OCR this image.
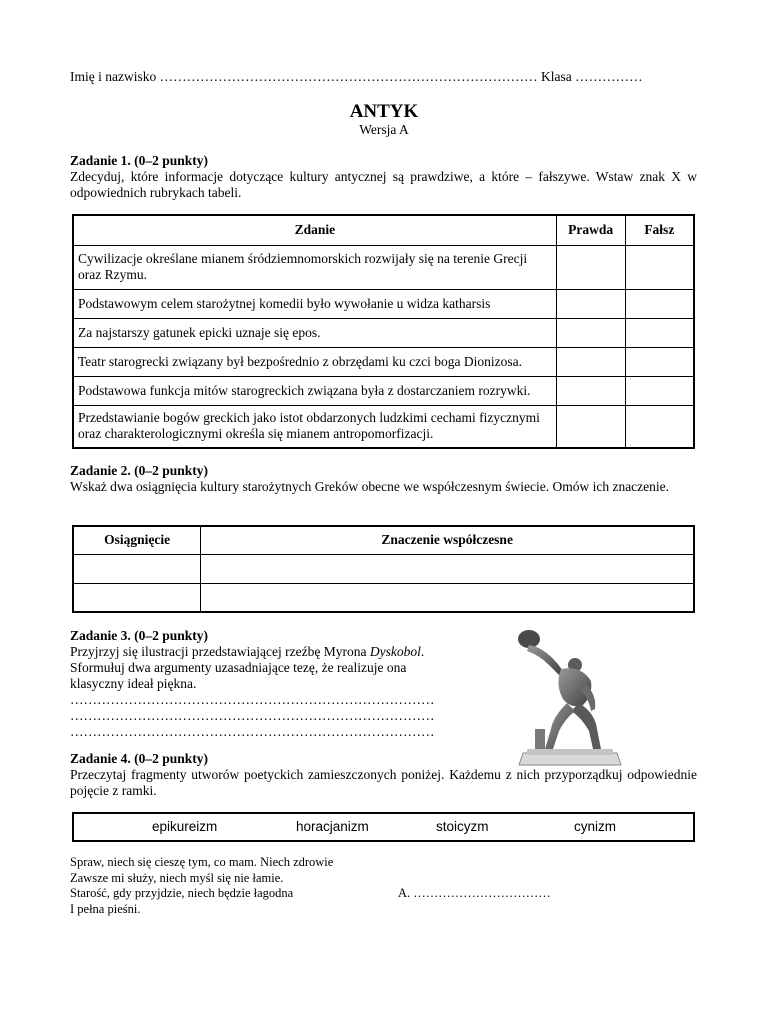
Imię i nazwisko ………………………………………………………………………… Klasa ……………
ANTYK
Wersja A
Zadanie 1. (0–2 punkty)
Zdecyduj, które informacje dotyczące kultury antycznej są prawdziwe, a które – fałszywe. Wstaw znak X w odpowiednich rubrykach tabeli.
Zdanie	Prawda	Fałsz
Cywilizacje określane mianem śródziemnomorskich rozwijały się na terenie Grecji oraz Rzymu.		
Podstawowym celem starożytnej komedii było wywołanie u widza katharsis		
Za najstarszy gatunek epicki uznaje się epos.		
Teatr starogrecki związany był bezpośrednio z obrzędami ku czci boga Dionizosa.		
Podstawowa funkcja mitów starogreckich związana była z dostarczaniem rozrywki.		
Przedstawianie bogów greckich jako istot obdarzonych ludzkimi cechami fizycznymi oraz charakterologicznymi określa się mianem antropomorfizacji.		
Zadanie 2. (0–2 punkty)
Wskaż dwa osiągnięcia kultury starożytnych Greków obecne we współczesnym świecie. Omów ich znaczenie.
Osiągnięcie	Znaczenie współczesne

Zadanie 3. (0–2 punkty)
Przyjrzyj się ilustracji przedstawiającej rzeźbę Myrona Dyskobol.
Sformułuj dwa argumenty uzasadniające tezę, że realizuje ona
klasyczny ideał piękna.
………………………………………………………………………
………………………………………………………………………
………………………………………………………………………
Zadanie 4. (0–2 punkty)
Przeczytaj fragmenty utworów poetyckich zamieszczonych poniżej. Każdemu z nich przyporządkuj odpowiednie pojęcie z ramki.
epikureizm	horacjanizm	stoicyzm	cynizm
Spraw, niech się cieszę tym, co mam. Niech zdrowie
Zawsze mi służy, niech myśl się nie łamie.
Starość, gdy przyjdzie, niech będzie łagodna
I pełna pieśni.
A. ……………………………
